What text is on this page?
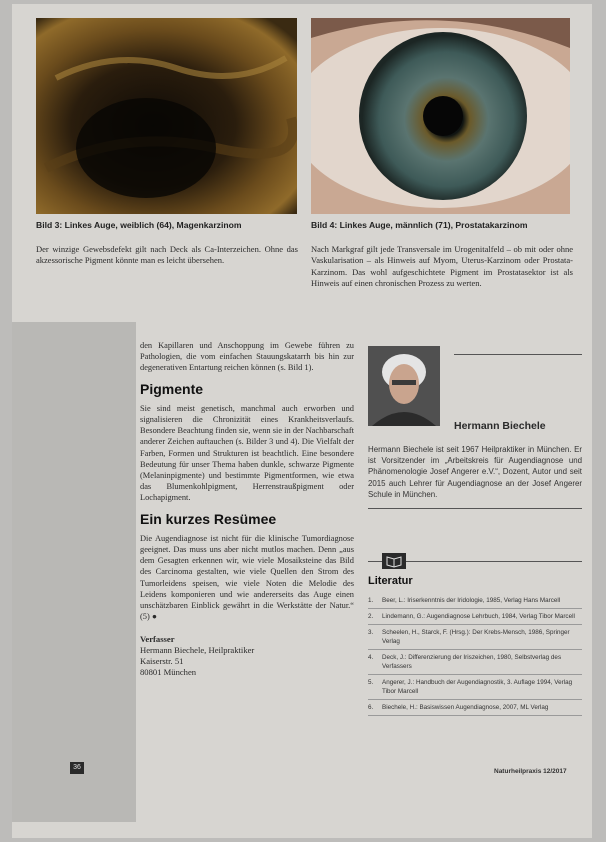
Bild 3: Linkes Auge, weiblich (64), Magenkarzinom	Bild 4: Linkes Auge, männlich (71), Prostatakarzinom
Der winzige Gewebsdefekt gilt nach Deck als Ca-Interzeichen. Ohne das akzessorische Pigment könnte man es leicht übersehen.
Nach Markgraf gilt jede Transversale im Urogenitalfeld – ob mit oder ohne Vaskularisation – als Hinweis auf Myom, Uterus-Karzinom oder Prostata-Karzinom. Das wohl aufgeschichtete Pigment im Prostatasektor ist als Hinweis auf einen chronischen Prozess zu werten.

den Kapillaren und Anschoppung im Gewebe führen zu Pathologien, die vom einfachen Stauungskatarrh bis hin zur degenerativen Entartung reichen können (s. Bild 1).

Pigmente

Sie sind meist genetisch, manchmal auch erworben und signalisieren die Chronizität eines Krankheitsverlaufs. Besondere Beachtung finden sie, wenn sie in der Nachbarschaft anderer Zeichen auftauchen (s. Bilder 3 und 4). Die Vielfalt der Farben, Formen und Strukturen ist beachtlich. Eine besondere Bedeutung für unser Thema haben dunkle, schwarze Pigmente (Melaninpigmente) und bestimmte Pigmentformen, wie etwa das Blumenkohlpigment, Herrenstraußpigment oder Lochapigment.

Ein kurzes Resümee

Die Augendiagnose ist nicht für die klinische Tumordiagnose geeignet. Das muss uns aber nicht mutlos machen. Denn „aus dem Gesagten erkennen wir, wie viele Mosaiksteine das Bild des Carcinoma gestalten, wie viele Quellen den Strom des Tumorleidens speisen, wie viele Noten die Melodie des Leidens komponieren und wie andererseits das Auge einen unschätzbaren Einblick gewährt in die Werkstätte der Natur.“ (5) ●

Verfasser
Hermann Biechele, Heilpraktiker
Kaiserstr. 51
80801 München
Hermann Biechele
Hermann Biechele ist seit 1967 Heilpraktiker in München. Er ist Vorsitzender im „Arbeitskreis für Augendiagnose und Phänomenologie Josef Angerer e.V.“, Dozent, Autor und seit 2015 auch Lehrer für Augendiagnose an der Josef Angerer Schule in München.
Literatur
1.	Beer, L.: Iriserkenntnis der Iridologie, 1985, Verlag Hans Marcell
2.	Lindemann, G.: Augendiagnose Lehrbuch, 1984, Verlag Tibor Marcell
3.	Scheelen, H., Starck, F. (Hrsg.): Der Krebs-Mensch, 1986, Springer Verlag
4.	Deck, J.: Differenzierung der Iriszeichen, 1980, Selbstverlag des Verfassers
5.	Angerer, J.: Handbuch der Augendiagnostik, 3. Auflage 1994, Verlag Tibor Marcell
6.	Biechele, H.: Basiswissen Augendiagnose, 2007, ML Verlag
36
Naturheilpraxis 12/2017
